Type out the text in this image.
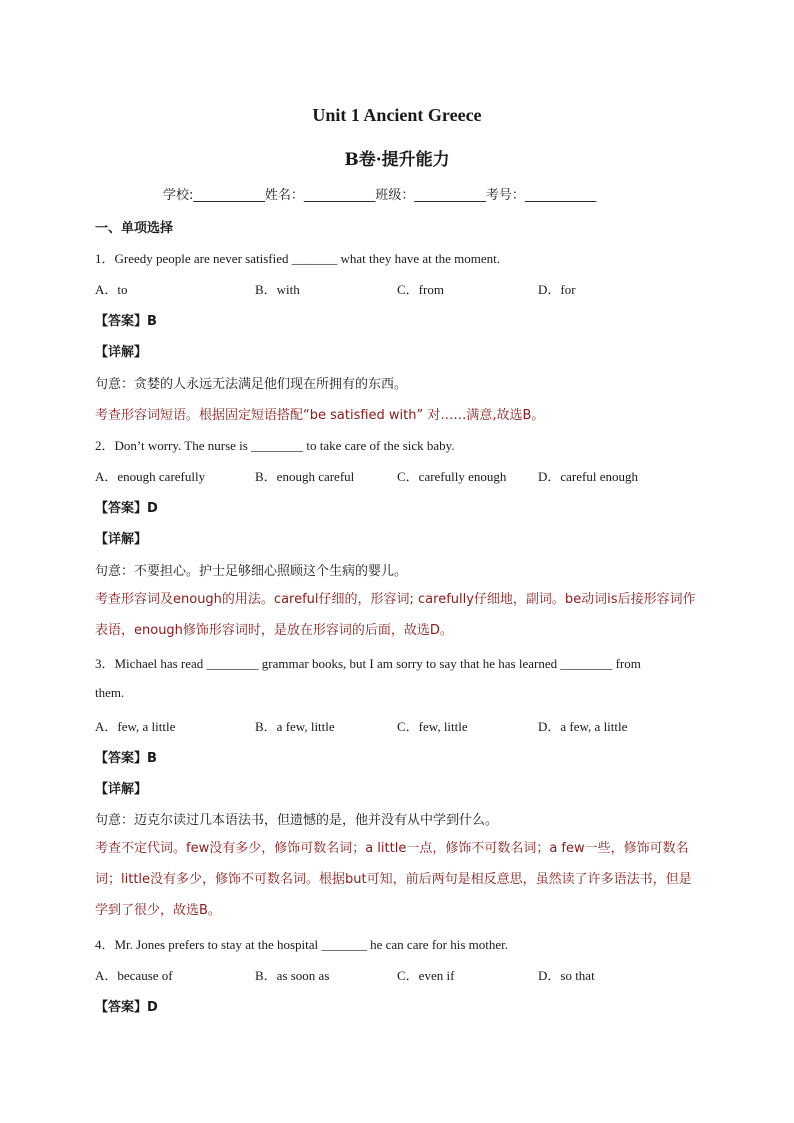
Unit 1 Ancient Greece
B卷·提升能力
学校:___________姓名：___________班级：___________考号：___________
一、单项选择
1．Greedy people are never satisfied _______ what they have at the moment.
A．to	B．with	C．from	D．for
【答案】B
【详解】
句意：贪婪的人永远无法满足他们现在所拥有的东西。
考查形容词短语。根据固定短语搭配“be satisfied with” 对……满意,故选B。
2．Don’t worry. The nurse is ________ to take care of the sick baby.
A．enough carefully	B．enough careful	C．carefully enough D．careful enough
【答案】D
【详解】
句意：不要担心。护士足够细心照顾这个生病的婴儿。
考查形容词及enough的用法。careful仔细的，形容词; carefully仔细地，副词。be动词is后接形容词作表语，enough修饰形容词时，是放在形容词的后面，故选D。
3．Michael has read ________ grammar books, but I am sorry to say that he has learned ________ from
them.
A．few, a little	B．a few, little	C．few, little	D．a few, a little
【答案】B
【详解】
句意：迈克尔读过几本语法书，但遗憾的是，他并没有从中学到什么。
考查不定代词。few没有多少，修饰可数名词；a little一点，修饰不可数名词；a few一些，修饰可数名词；little没有多少，修饰不可数名词。根据but可知，前后两句是相反意思，虽然读了许多语法书，但是学到了很少，故选B。
4．Mr. Jones prefers to stay at the hospital _______ he can care for his mother.
A．because of	B．as soon as	C．even if	D．so that
【答案】D
